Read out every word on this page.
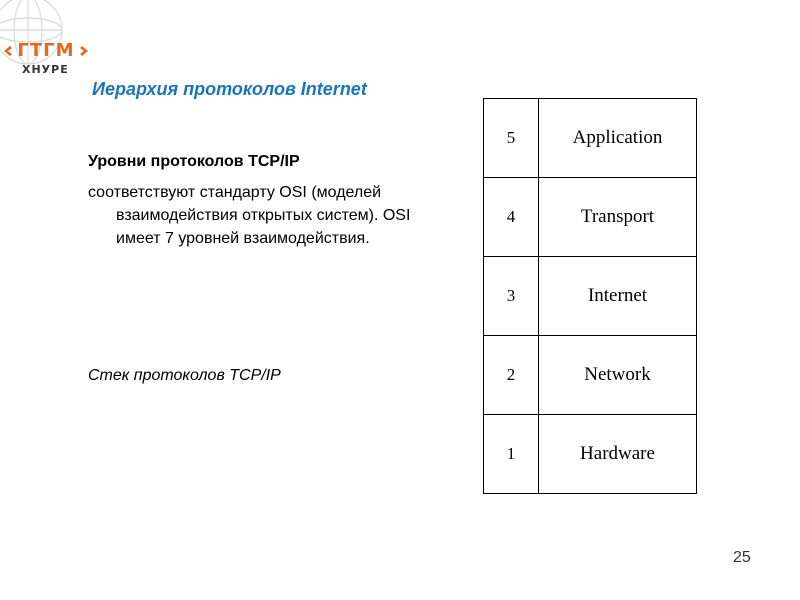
ГТГМ
ХНУРЕ
Иерархия протоколов Internet
Уровни протоколов TCP/IP
соответствуют стандарту OSI (моделей взаимодействия открытых систем). OSI имеет 7 уровней взаимодействия.
Стек протоколов TCP/IP
5	Application
4	Transport
3	Internet
2	Network
1	Hardware
25
